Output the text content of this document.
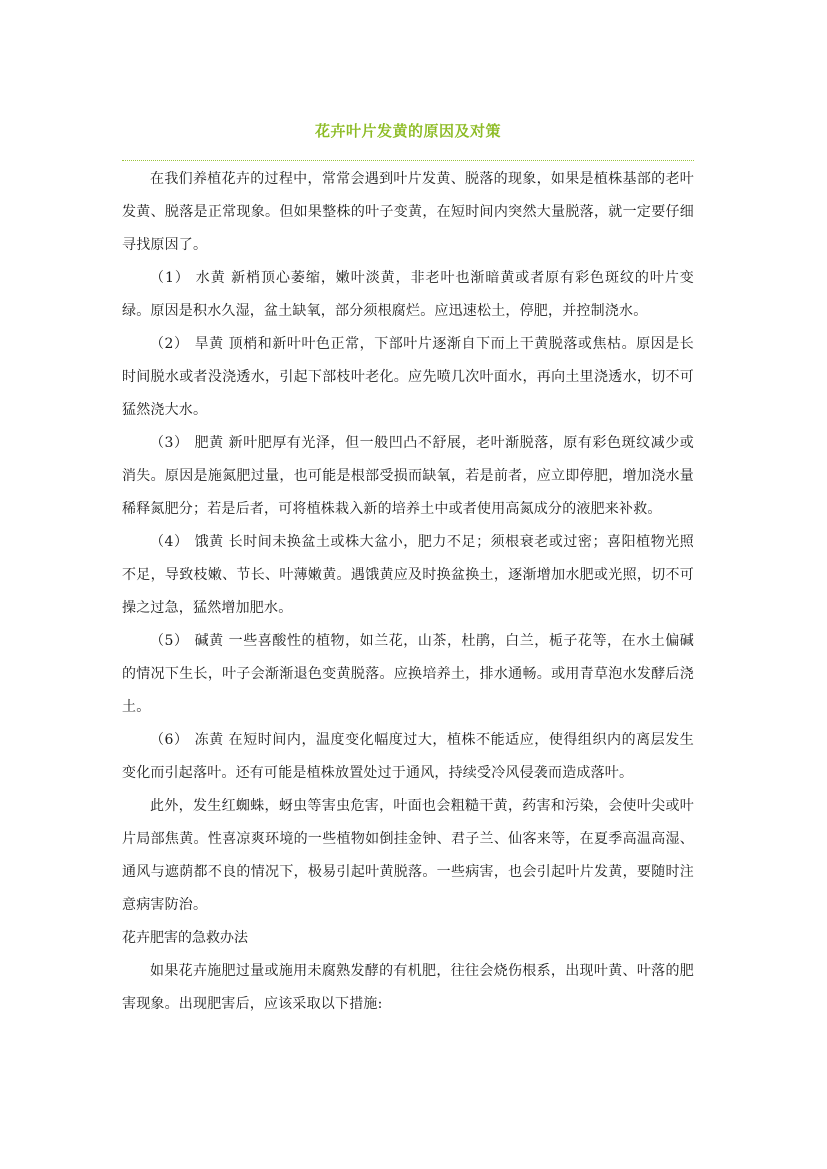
花卉叶片发黄的原因及对策

在我们养植花卉的过程中，常常会遇到叶片发黄、脱落的现象，如果是植株基部的老叶发黄、脱落是正常现象。但如果整株的叶子变黄，在短时间内突然大量脱落，就一定要仔细寻找原因了。

（1） 水黄 新梢顶心萎缩，嫩叶淡黄，非老叶也渐暗黄或者原有彩色斑纹的叶片变绿。原因是积水久湿，盆土缺氧，部分须根腐烂。应迅速松土，停肥，并控制浇水。

（2） 旱黄 顶梢和新叶叶色正常，下部叶片逐渐自下而上干黄脱落或焦枯。原因是长时间脱水或者没浇透水，引起下部枝叶老化。应先喷几次叶面水，再向土里浇透水，切不可猛然浇大水。

（3） 肥黄 新叶肥厚有光泽，但一般凹凸不舒展，老叶渐脱落，原有彩色斑纹减少或消失。原因是施氮肥过量，也可能是根部受损而缺氧，若是前者，应立即停肥，增加浇水量稀释氮肥分；若是后者，可将植株栽入新的培养土中或者使用高氮成分的液肥来补救。

（4） 饿黄 长时间未换盆土或株大盆小，肥力不足；须根衰老或过密；喜阳植物光照不足，导致枝嫩、节长、叶薄嫩黄。遇饿黄应及时换盆换土，逐渐增加水肥或光照，切不可操之过急，猛然增加肥水。

（5） 碱黄 一些喜酸性的植物，如兰花，山茶，杜鹃，白兰，栀子花等，在水土偏碱的情况下生长，叶子会渐渐退色变黄脱落。应换培养土，排水通畅。或用青草泡水发酵后浇土。

（6） 冻黄 在短时间内，温度变化幅度过大，植株不能适应，使得组织内的离层发生变化而引起落叶。还有可能是植株放置处过于通风，持续受冷风侵袭而造成落叶。

此外，发生红蜘蛛，蚜虫等害虫危害，叶面也会粗糙干黄，药害和污染，会使叶尖或叶片局部焦黄。性喜凉爽环境的一些植物如倒挂金钟、君子兰、仙客来等，在夏季高温高湿、通风与遮荫都不良的情况下，极易引起叶黄脱落。一些病害，也会引起叶片发黄，要随时注意病害防治。

花卉肥害的急救办法

如果花卉施肥过量或施用未腐熟发酵的有机肥，往往会烧伤根系，出现叶黄、叶落的肥害现象。出现肥害后，应该采取以下措施:
